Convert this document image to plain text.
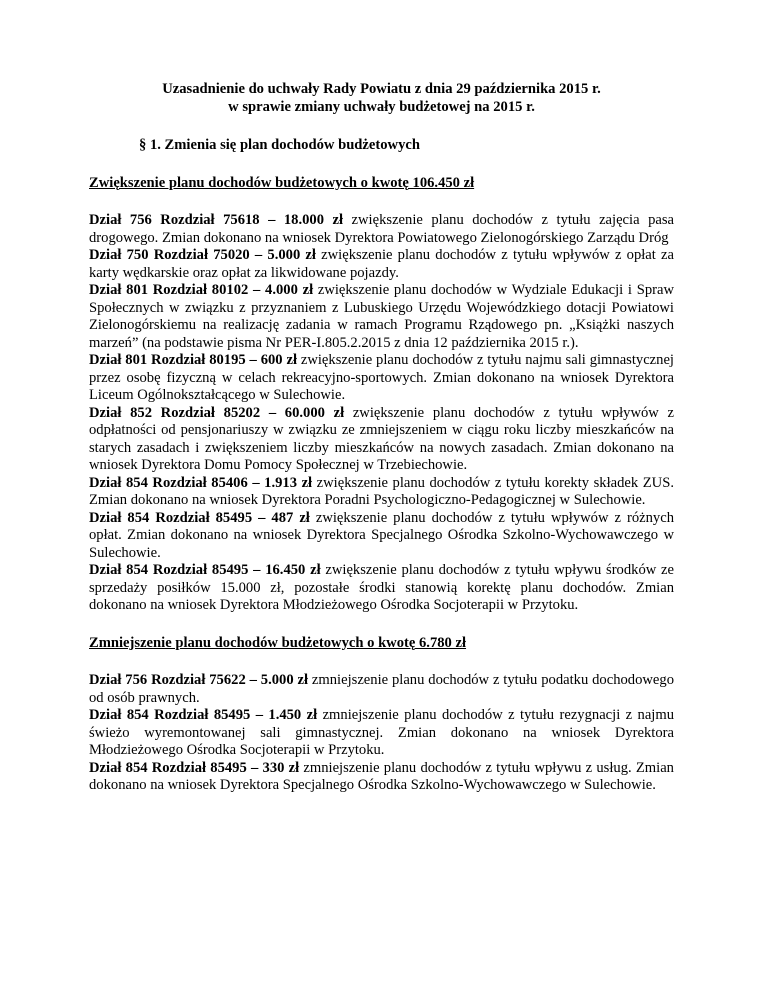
Uzasadnienie do uchwały Rady Powiatu z dnia 29 października 2015 r.
w sprawie zmiany uchwały budżetowej na 2015 r.

§ 1. Zmienia się plan dochodów budżetowych

Zwiększenie planu dochodów budżetowych o kwotę 106.450 zł

Dział 756 Rozdział 75618 – 18.000 zł zwiększenie planu dochodów z tytułu zajęcia pasa drogowego. Zmian dokonano na wniosek Dyrektora Powiatowego Zielonogórskiego Zarządu Dróg

Dział 750 Rozdział 75020 – 5.000 zł zwiększenie planu dochodów z tytułu wpływów z opłat za karty wędkarskie oraz opłat za likwidowane pojazdy.

Dział 801 Rozdział 80102 – 4.000 zł zwiększenie planu dochodów w Wydziale Edukacji i Spraw Społecznych w związku z przyznaniem z Lubuskiego Urzędu Wojewódzkiego dotacji Powiatowi Zielonogórskiemu na realizację zadania w ramach Programu Rządowego pn. „Książki naszych marzeń” (na podstawie pisma Nr PER-I.805.2.2015 z dnia 12 października 2015 r.).

Dział 801 Rozdział 80195 – 600 zł zwiększenie planu dochodów z tytułu najmu sali gimnastycznej przez osobę fizyczną w celach rekreacyjno-sportowych. Zmian dokonano na wniosek Dyrektora Liceum Ogólnokształcącego w Sulechowie.

Dział 852 Rozdział 85202 – 60.000 zł zwiększenie planu dochodów z tytułu wpływów z odpłatności od pensjonariuszy w związku ze zmniejszeniem w ciągu roku liczby mieszkańców na starych zasadach i zwiększeniem liczby mieszkańców na nowych zasadach. Zmian dokonano na wniosek Dyrektora Domu Pomocy Społecznej w Trzebiechowie.

Dział 854 Rozdział 85406 – 1.913 zł zwiększenie planu dochodów z tytułu korekty składek ZUS. Zmian dokonano na wniosek Dyrektora Poradni Psychologiczno-Pedagogicznej w Sulechowie.

Dział 854 Rozdział 85495 – 487 zł zwiększenie planu dochodów z tytułu wpływów z różnych opłat. Zmian dokonano na wniosek Dyrektora Specjalnego Ośrodka Szkolno-Wychowawczego w Sulechowie.

Dział 854 Rozdział 85495 – 16.450 zł zwiększenie planu dochodów z tytułu wpływu środków ze sprzedaży posiłków 15.000 zł, pozostałe środki stanowią korektę planu dochodów. Zmian dokonano na wniosek Dyrektora Młodzieżowego Ośrodka Socjoterapii w Przytoku.

Zmniejszenie planu dochodów budżetowych o kwotę 6.780 zł

Dział 756 Rozdział 75622 – 5.000 zł zmniejszenie planu dochodów z tytułu podatku dochodowego od osób prawnych.

Dział 854 Rozdział 85495 – 1.450 zł zmniejszenie planu dochodów z tytułu rezygnacji z najmu świeżo wyremontowanej sali gimnastycznej. Zmian dokonano na wniosek Dyrektora Młodzieżowego Ośrodka Socjoterapii w Przytoku.

Dział 854 Rozdział 85495 – 330 zł zmniejszenie planu dochodów z tytułu wpływu z usług. Zmian dokonano na wniosek Dyrektora Specjalnego Ośrodka Szkolno-Wychowawczego w Sulechowie.
